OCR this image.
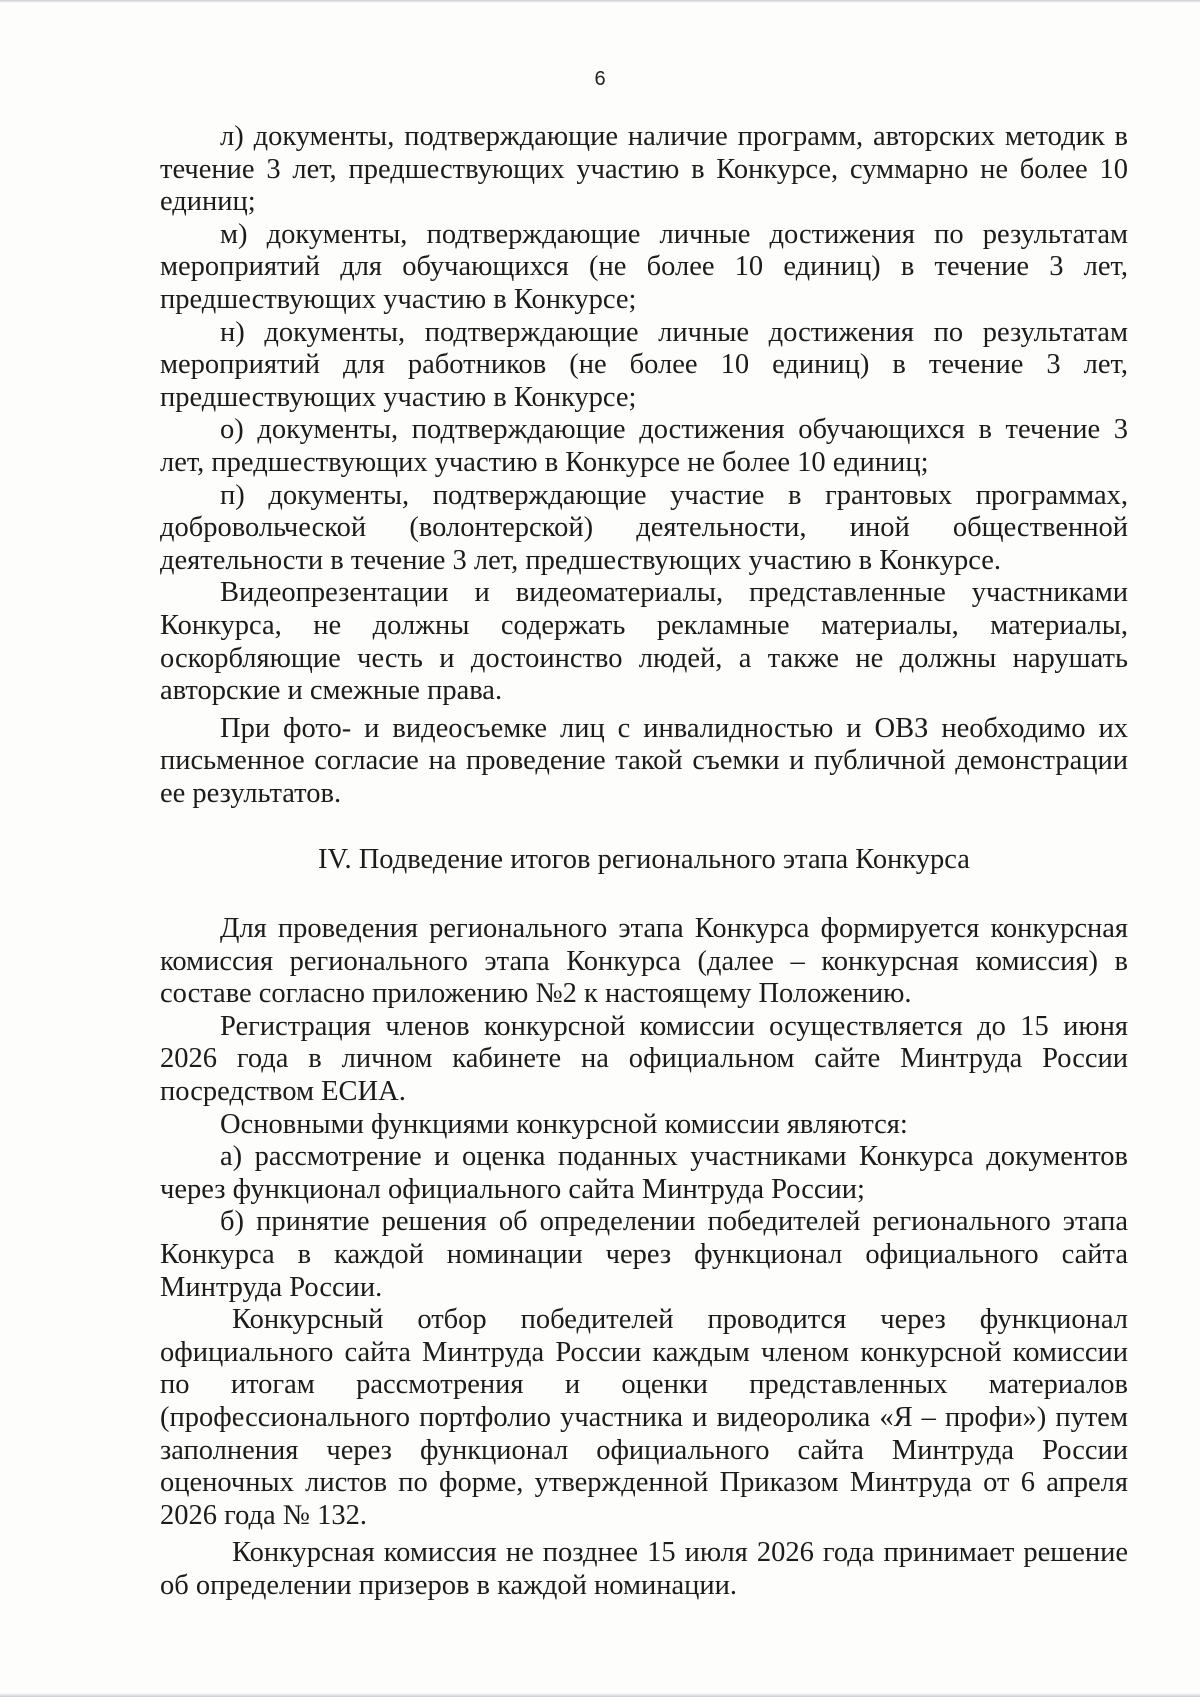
6

л) документы, подтверждающие наличие программ, авторских методик в течение 3 лет, предшествующих участию в Конкурсе, суммарно не более 10 единиц;

м) документы, подтверждающие личные достижения по результатам мероприятий для обучающихся (не более 10 единиц) в течение 3 лет, предшествующих участию в Конкурсе;

н) документы, подтверждающие личные достижения по результатам мероприятий для работников (не более 10 единиц) в течение 3 лет, предшествующих участию в Конкурсе;

о) документы, подтверждающие достижения обучающихся в течение 3 лет, предшествующих участию в Конкурсе не более 10 единиц;

п) документы, подтверждающие участие в грантовых программах, добровольческой (волонтерской) деятельности, иной общественной деятельности в течение 3 лет, предшествующих участию в Конкурсе.

Видеопрезентации и видеоматериалы, представленные участниками Конкурса, не должны содержать рекламные материалы, материалы, оскорбляющие честь и достоинство людей, а также не должны нарушать авторские и смежные права.

При фото- и видеосъемке лиц с инвалидностью и ОВЗ необходимо их письменное согласие на проведение такой съемки и публичной демонстрации ее результатов.

IV. Подведение итогов регионального этапа Конкурса

Для проведения регионального этапа Конкурса формируется конкурсная комиссия регионального этапа Конкурса (далее – конкурсная комиссия) в составе согласно приложению №2 к настоящему Положению.

Регистрация членов конкурсной комиссии осуществляется до 15 июня 2026 года в личном кабинете на официальном сайте Минтруда России посредством ЕСИА.

Основными функциями конкурсной комиссии являются:

а) рассмотрение и оценка поданных участниками Конкурса документов через функционал официального сайта Минтруда России;

б) принятие решения об определении победителей регионального этапа Конкурса в каждой номинации через функционал официального сайта Минтруда России.

Конкурсный отбор победителей проводится через функционал официального сайта Минтруда России каждым членом конкурсной комиссии по итогам рассмотрения и оценки представленных материалов (профессионального портфолио участника и видеоролика «Я – профи») путем заполнения через функционал официального сайта Минтруда России оценочных листов по форме, утвержденной Приказом Минтруда от 6 апреля 2026 года № 132.

Конкурсная комиссия не позднее 15 июля 2026 года принимает решение об определении призеров в каждой номинации.
